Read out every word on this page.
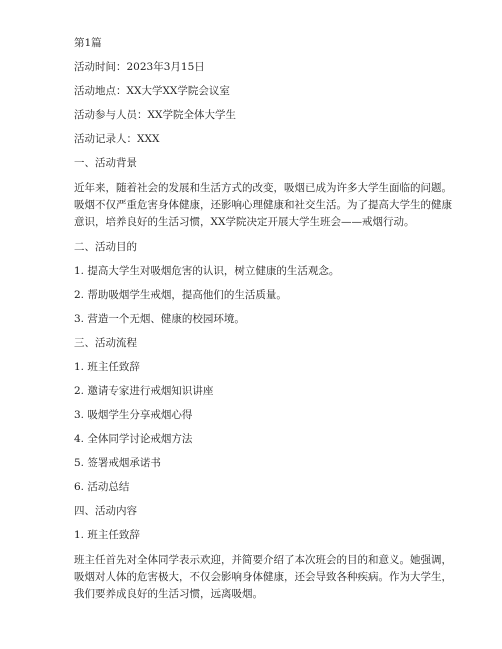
第1篇

活动时间：2023年3月15日

活动地点：XX大学XX学院会议室

活动参与人员：XX学院全体大学生

活动记录人：XXX

一、活动背景

近年来，随着社会的发展和生活方式的改变，吸烟已成为许多大学生面临的问题。
吸烟不仅严重危害身体健康，还影响心理健康和社交生活。为了提高大学生的健康
意识，培养良好的生活习惯，XX学院决定开展大学生班会——戒烟行动。

二、活动目的

1. 提高大学生对吸烟危害的认识，树立健康的生活观念。

2. 帮助吸烟学生戒烟，提高他们的生活质量。

3. 营造一个无烟、健康的校园环境。

三、活动流程

1. 班主任致辞

2. 邀请专家进行戒烟知识讲座

3. 吸烟学生分享戒烟心得

4. 全体同学讨论戒烟方法

5. 签署戒烟承诺书

6. 活动总结

四、活动内容

1. 班主任致辞

班主任首先对全体同学表示欢迎，并简要介绍了本次班会的目的和意义。她强调，
吸烟对人体的危害极大，不仅会影响身体健康，还会导致各种疾病。作为大学生，
我们要养成良好的生活习惯，远离吸烟。
